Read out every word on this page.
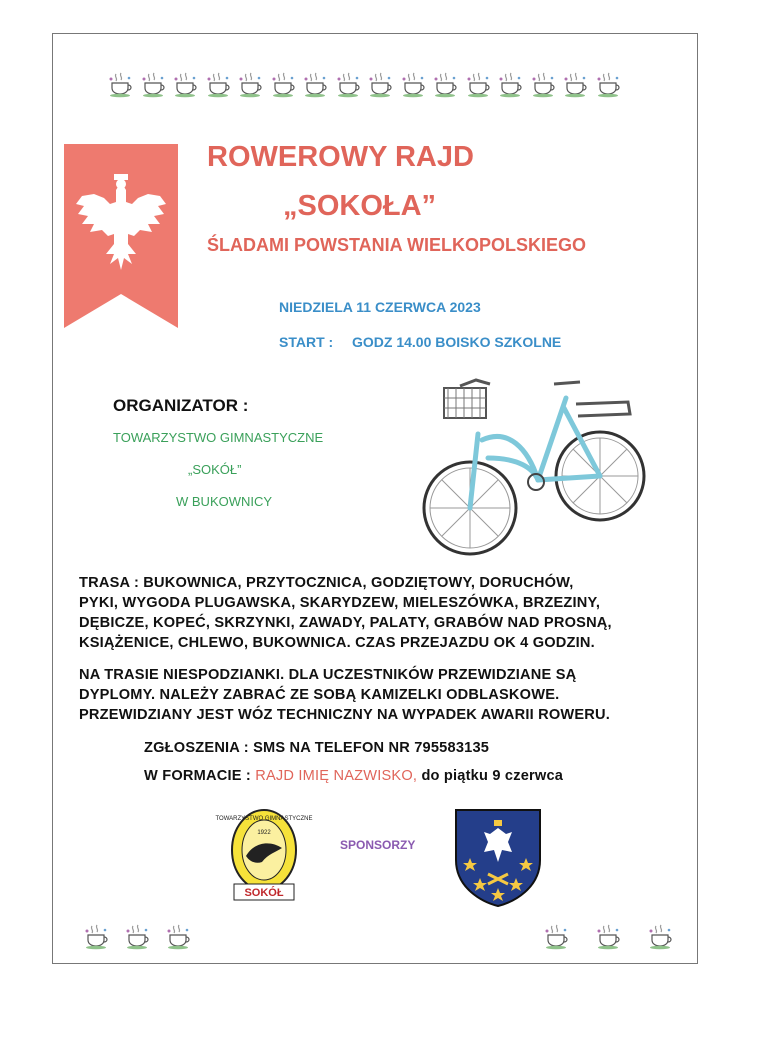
ROWEROWY RAJD
„SOKOŁA”
ŚLADAMI POWSTANIA WIELKOPOLSKIEGO
NIEDZIELA 11 CZERWCA 2023
START : GODZ 14.00 BOISKO SZKOLNE
ORGANIZATOR :
TOWARZYSTWO GIMNASTYCZNE
„SOKÓŁ”
W BUKOWNICY
TRASA : BUKOWNICA, PRZYTOCZNICA, GODZIĘTOWY, DORUCHÓW,
PYKI, WYGODA PLUGAWSKA, SKARYDZEW, MIELESZÓWKA, BRZEZINY,
DĘBICZE, KOPEĆ, SKRZYNKI, ZAWADY, PALATY, GRABÓW NAD PROSNĄ,
KSIĄŻENICE, CHLEWO, BUKOWNICA. CZAS PRZEJAZDU OK 4 GODZIN.
NA TRASIE NIESPODZIANKI. DLA UCZESTNIKÓW PRZEWIDZIANE SĄ
DYPLOMY. NALEŻY ZABRAĆ ZE SOBĄ KAMIZELKI ODBLASKOWE.
PRZEWIDZIANY JEST WÓZ TECHNICZNY NA WYPADEK AWARII ROWERU.
ZGŁOSZENIA : SMS NA TELEFON NR 795583135
W FORMACIE : RAJD IMIĘ NAZWISKO, do piątku 9 czerwca
TOWARZYSTWO GIMNASTYCZNE
1922
SOKÓŁ
SPONSORZY
